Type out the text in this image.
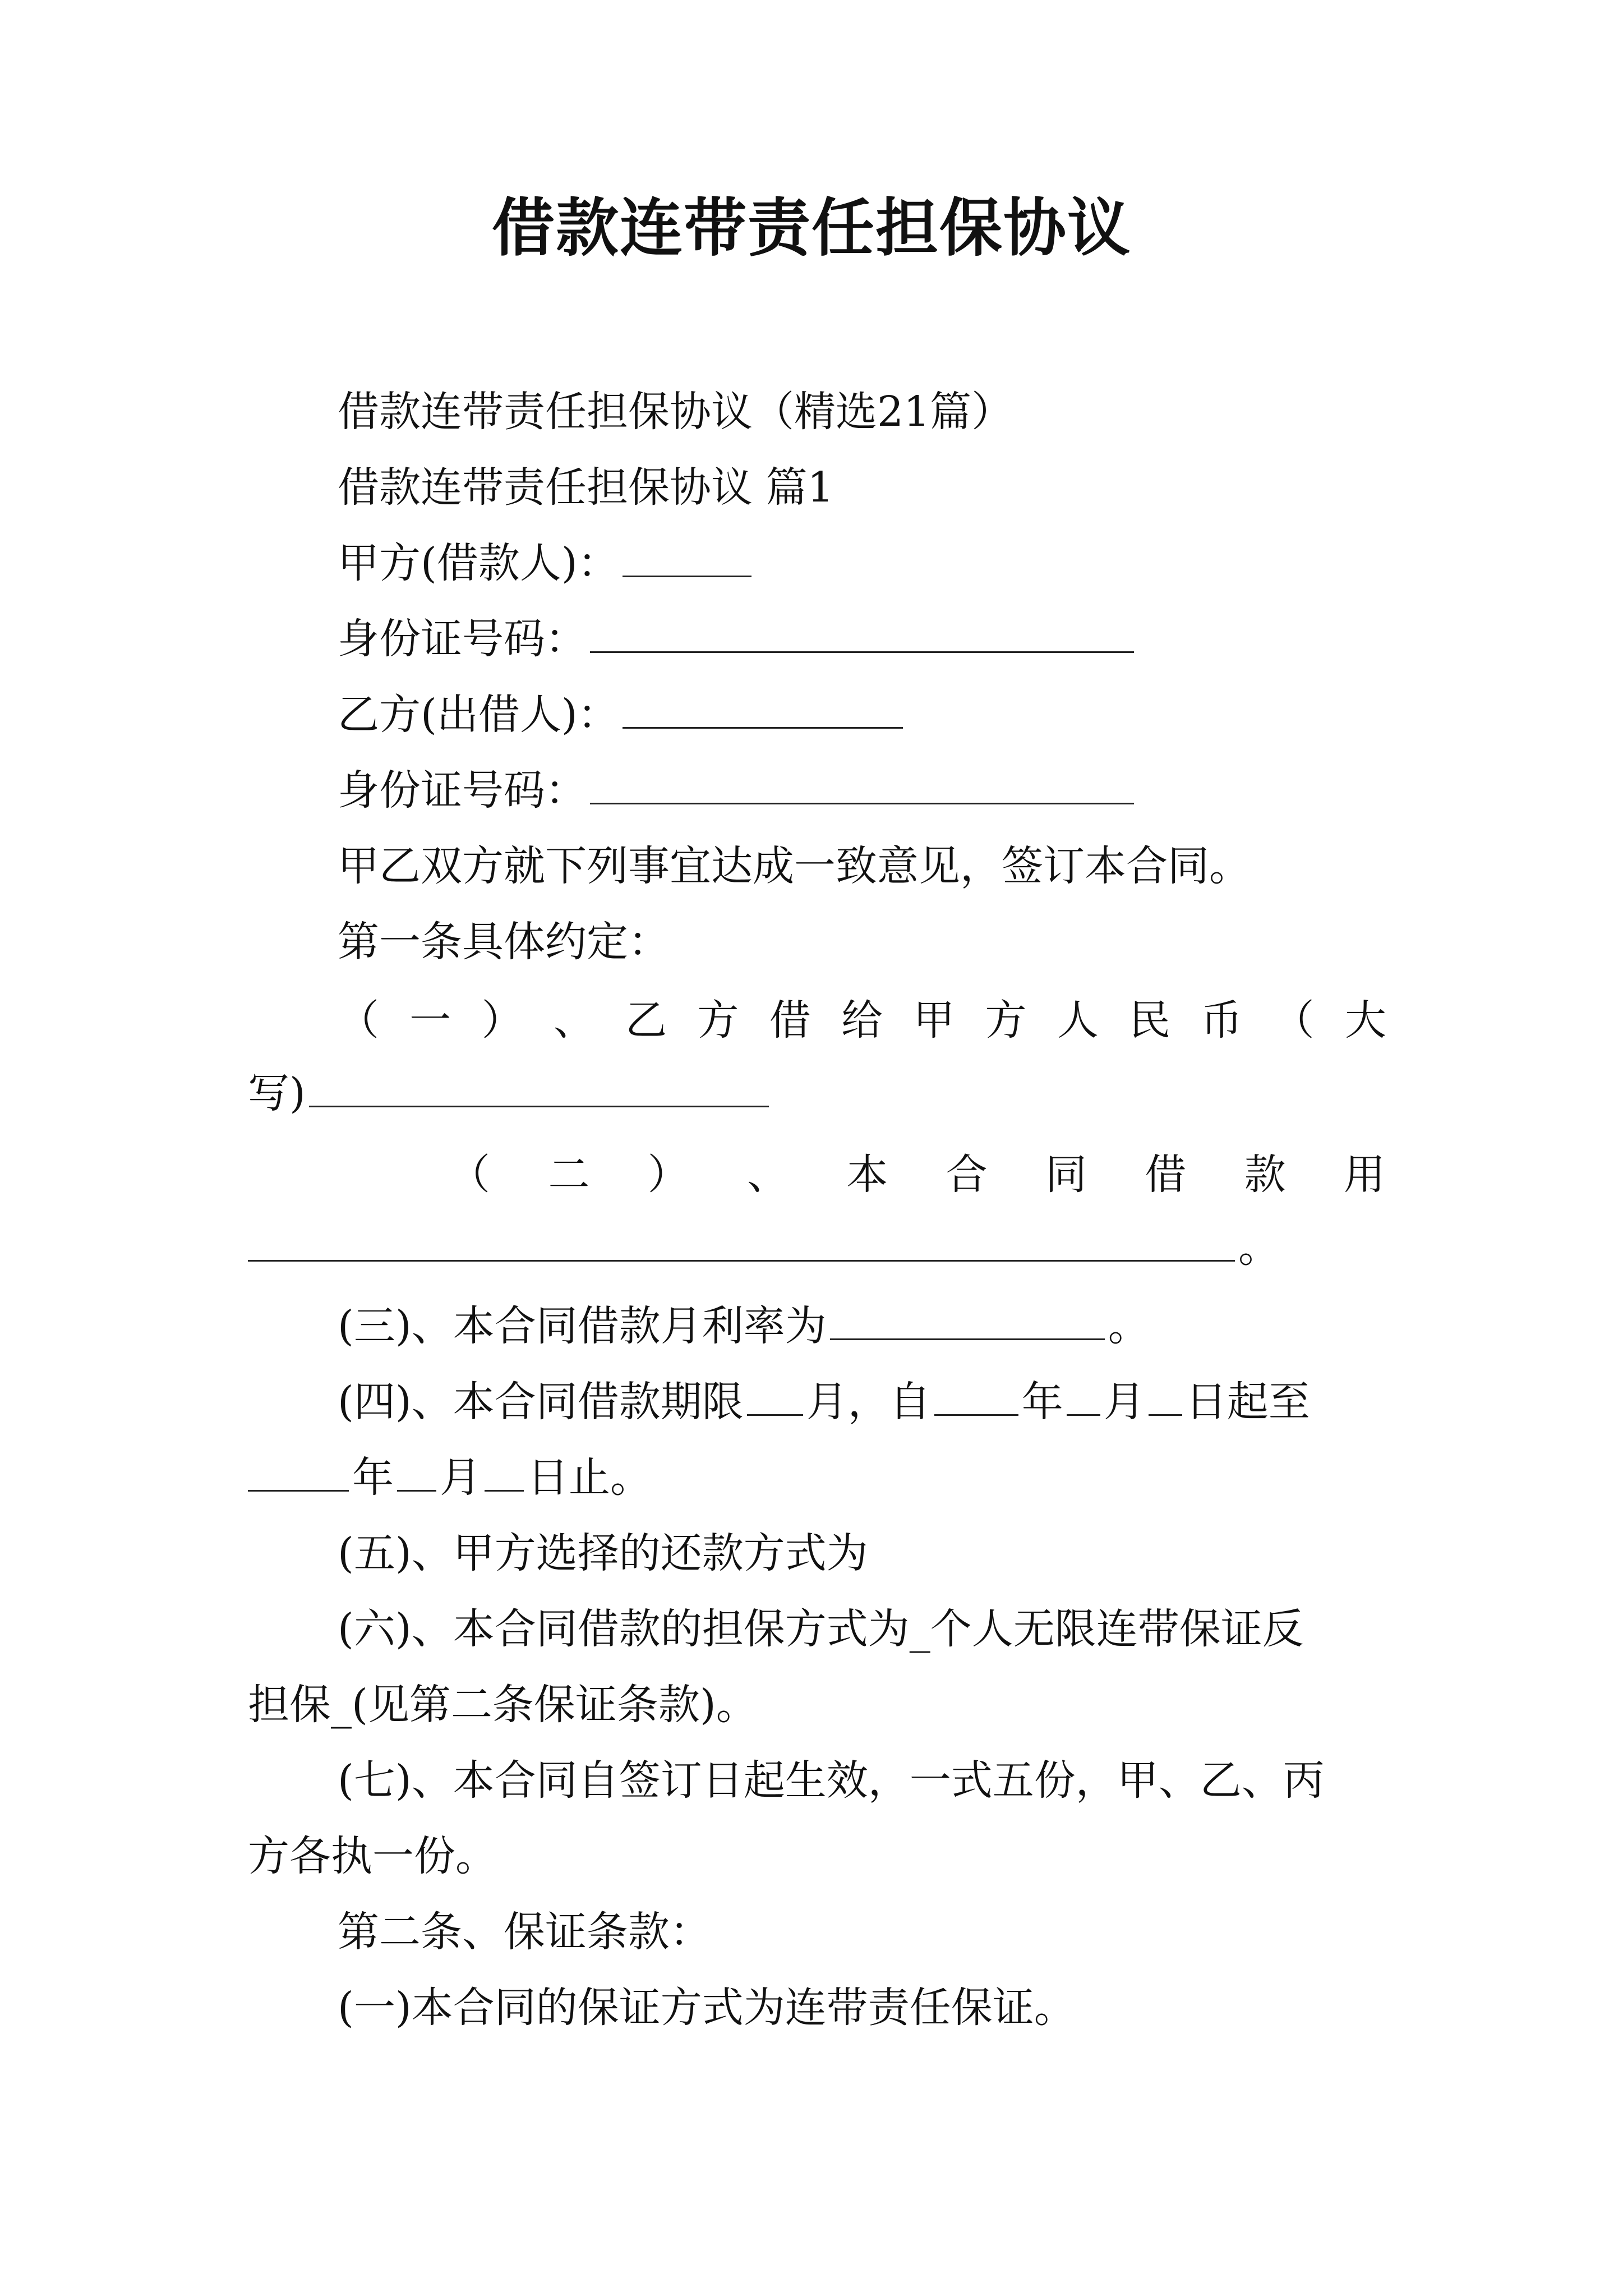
借款连带责任担保协议
借款连带责任担保协议（精选21篇）
借款连带责任担保协议 篇1
甲方(借款人)：
身份证号码：
乙方(出借人)：
身份证号码：
甲乙双方就下列事宜达成一致意见，签订本合同。
第一条具体约定：
（ 一 ） 、 乙 方 借 给 甲 方 人 民 币 （ 大
写)
（ 二 ） 、 本 合 同 借 款 用
。
(三)、本合同借款月利率为	。
(四)、本合同借款期限 月，自 年 月 日起至
年 月 日止。
(五)、甲方选择的还款方式为
(六)、本合同借款的担保方式为_个人无限连带保证反
担保_(见第二条保证条款)。
(七)、本合同自签订日起生效，一式五份，甲、乙、丙
方各执一份。
第二条、保证条款：
(一)本合同的保证方式为连带责任保证。
